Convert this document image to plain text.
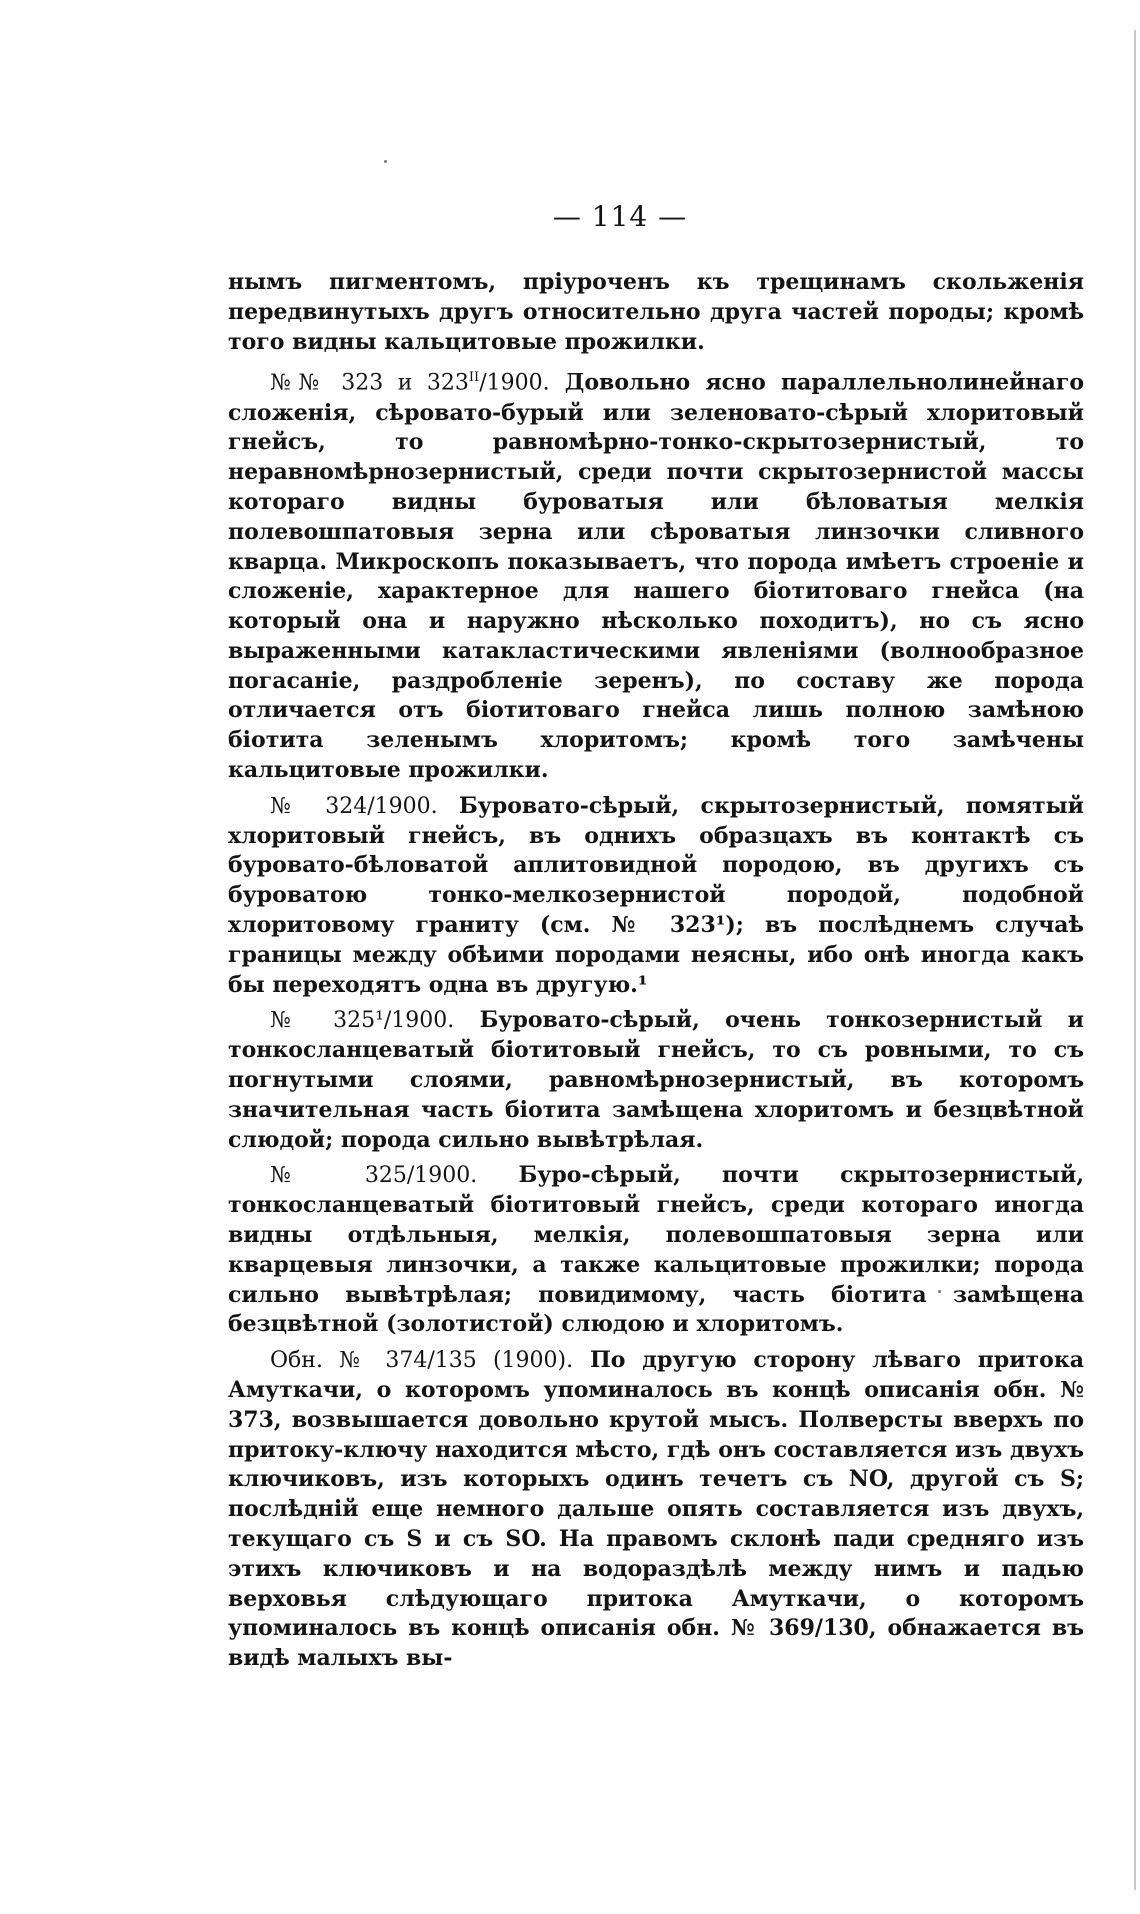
— 114 —

нымъ пигментомъ, пріуроченъ къ трещинамъ скольженія передвинутыхъ другъ относительно друга частей породы; кромѣ того видны кальцитовые прожилки.

№№ 323 и $323^{II}/1900$. Довольно ясно параллельнолинейнаго сложенія, сѣровато-бурый или зеленовато-сѣрый хлоритовый гнейсъ, то равномѣрно-тонко-скрытозернистый, то неравномѣрнозернистый, среди почти скрытозернистой массы котораго видны буроватыя или бѣловатыя мелкія полевошпатовыя зерна или сѣроватыя линзочки сливного кварца. Микроскопъ показываетъ, что порода имѣетъ строеніе и сложеніе, характерное для нашего біотитоваго гнейса (на который она и наружно нѣсколько походитъ), но съ ясно выраженными катакластическими явленіями (волнообразное погасаніе, раздробленіе зеренъ), по составу же порода отличается отъ біотитоваго гнейса лишь полною замѣною біотита зеленымъ хлоритомъ; кромѣ того замѣчены кальцитовые прожилки.

№ 324/1900. Буровато-сѣрый, скрытозернистый, помятый хлоритовый гнейсъ, въ однихъ образцахъ въ контактѣ съ буровато-бѣловатой аплитовидной породою, въ другихъ съ буроватою тонко-мелкозернистой породой, подобной хлоритовому граниту (см. № 323¹); въ послѣднемъ случаѣ границы между обѣими породами неясны, ибо онѣ иногда какъ бы переходятъ одна въ другую.¹

№ 325¹/1900. Буровато-сѣрый, очень тонкозернистый и тонкосланцеватый біотитовый гнейсъ, то съ ровными, то съ погнутыми слоями, равномѣрнозернистый, въ которомъ значительная часть біотита замѣщена хлоритомъ и безцвѣтной слюдой; порода сильно вывѣтрѣлая.

№ 325/1900. Буро-сѣрый, почти скрытозернистый, тонкосланцеватый біотитовый гнейсъ, среди котораго иногда видны отдѣльныя, мелкія, полевошпатовыя зерна или кварцевыя линзочки, а также кальцитовые прожилки; порода сильно вывѣтрѣлая; повидимому, часть біотита замѣщена безцвѣтной (золотистой) слюдою и хлоритомъ.

Обн. № 374/135 (1900). По другую сторону лѣваго притока Амуткачи, о которомъ упоминалось въ концѣ описанія обн. № 373, возвышается довольно крутой мысъ. Полверсты вверхъ по притоку-ключу находится мѣсто, гдѣ онъ составляется изъ двухъ ключиковъ, изъ которыхъ одинъ течетъ съ NO, другой съ S; послѣдній еще немного дальше опять составляется изъ двухъ, текущаго съ S и съ SO. На правомъ склонѣ пади средняго изъ этихъ ключиковъ и на водораздѣлѣ между нимъ и падью верховья слѣдующаго притока Амуткачи, о которомъ упоминалось въ концѣ описанія обн. № 369/130, обнажается въ видѣ малыхъ вы-
